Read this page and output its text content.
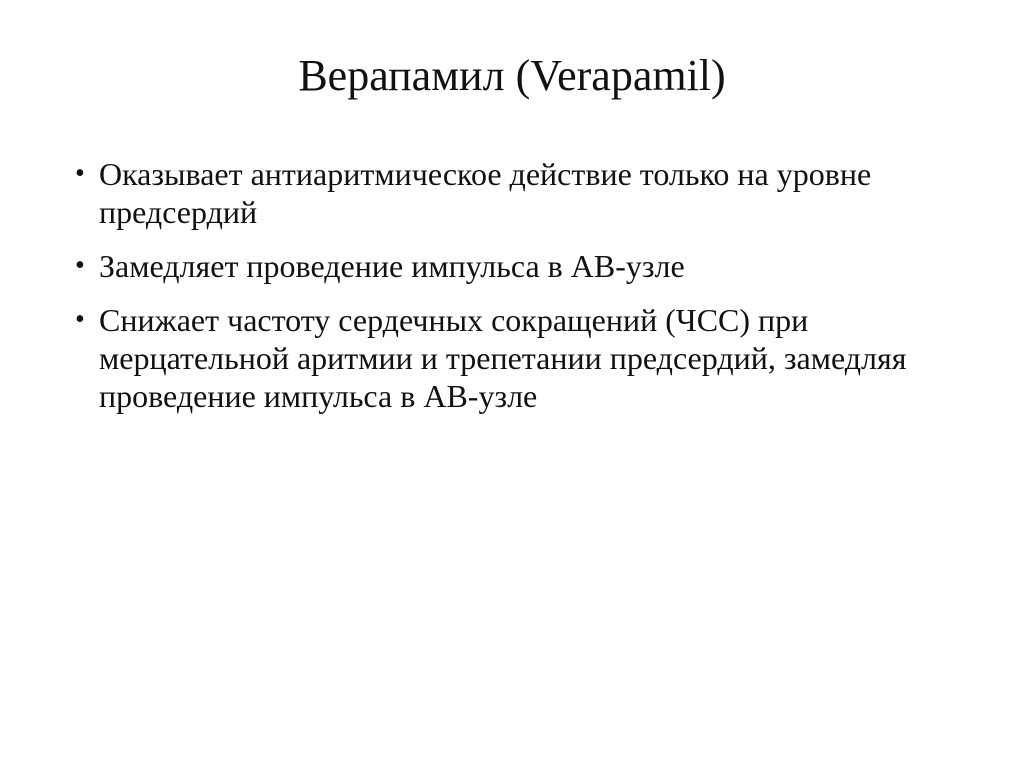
Верапамил (Verapamil)
• Оказывает антиаритмическое действие только на уровне предсердий
• Замедляет проведение импульса в АВ-узле
• Снижает частоту сердечных сокращений (ЧСС) при мерцательной аритмии и трепетании предсердий, замедляя проведение импульса в АВ-узле
